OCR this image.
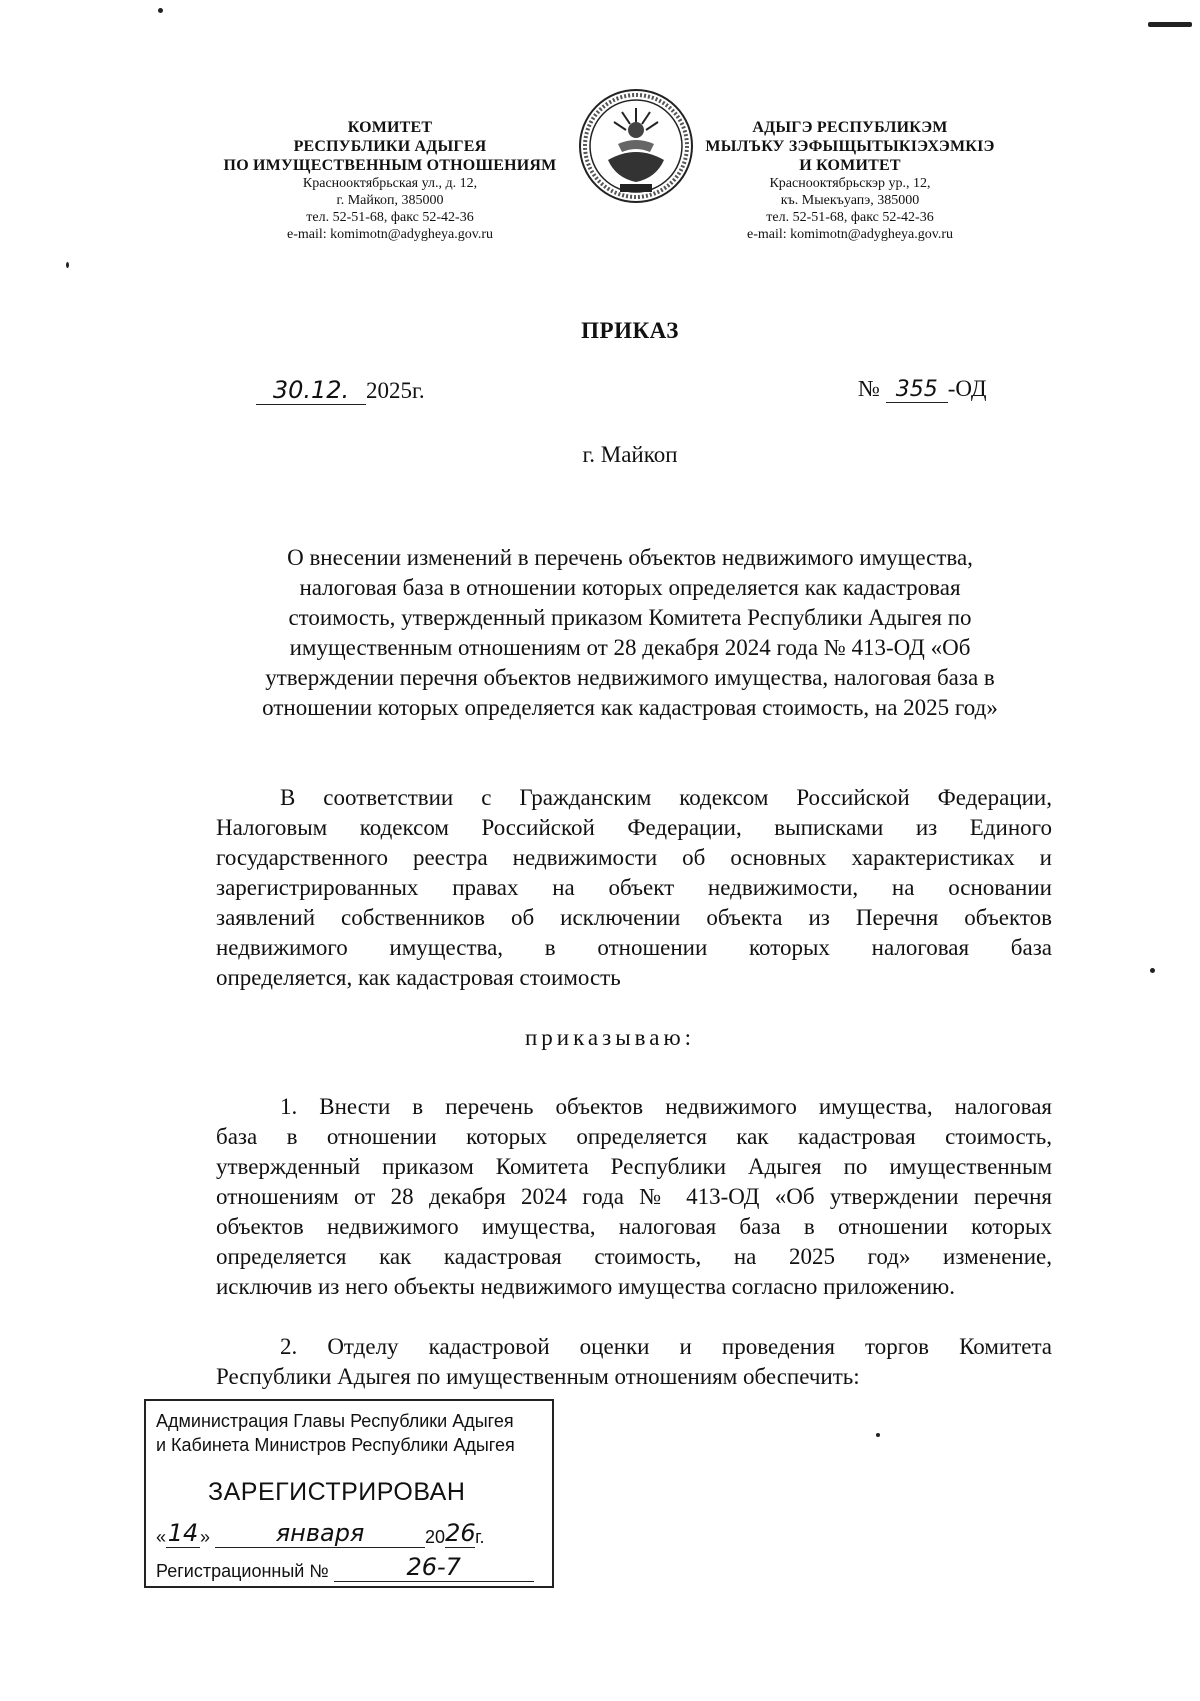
КОМИТЕТ
РЕСПУБЛИКИ АДЫГЕЯ
ПО ИМУЩЕСТВЕННЫМ ОТНОШЕНИЯМ
Краснооктябрьская ул., д. 12,
г. Майкоп, 385000
тел. 52-51-68, факс 52-42-36
e-mail: komimotn@adygheya.gov.ru
АДЫГЭ РЕСПУБЛИКЭМ
МЫЛЪКУ ЗЭФЫЩЫТЫКIЭХЭМКIЭ
И КОМИТЕТ
Краснооктябрьскэр ур., 12,
къ. Мыекъуапэ, 385000
тел. 52-51-68, факс 52-42-36
e-mail: komimotn@adygheya.gov.ru
ПРИКАЗ
30.12. 2025г.	№ 355 -ОД
г. Майкоп
О внесении изменений в перечень объектов недвижимого имущества,
налоговая база в отношении которых определяется как кадастровая
стоимость, утвержденный приказом Комитета Республики Адыгея по
имущественным отношениям от 28 декабря 2024 года № 413-ОД «Об
утверждении перечня объектов недвижимого имущества, налоговая база в
отношении которых определяется как кадастровая стоимость, на 2025 год»
В соответствии с Гражданским кодексом Российской Федерации,
Налоговым кодексом Российской Федерации, выписками из Единого
государственного реестра недвижимости об основных характеристиках и
зарегистрированных правах на объект недвижимости, на основании
заявлений собственников об исключении объекта из Перечня объектов
недвижимого имущества, в отношении которых налоговая база
определяется, как кадастровая стоимость
приказываю:
1. Внести в перечень объектов недвижимого имущества, налоговая
база в отношении которых определяется как кадастровая стоимость,
утвержденный приказом Комитета Республики Адыгея по имущественным
отношениям от 28 декабря 2024 года № 413-ОД «Об утверждении перечня
объектов недвижимого имущества, налоговая база в отношении которых
определяется как кадастровая стоимость, на 2025 год» изменение,
исключив из него объекты недвижимого имущества согласно приложению.
2. Отделу кадастровой оценки и проведения торгов Комитета
Республики Адыгея по имущественным отношениям обеспечить:
Администрация Главы Республики Адыгея
и Кабинета Министров Республики Адыгея
ЗАРЕГИСТРИРОВАН
«14»	января	2026г.
Регистрационный №	26-7
